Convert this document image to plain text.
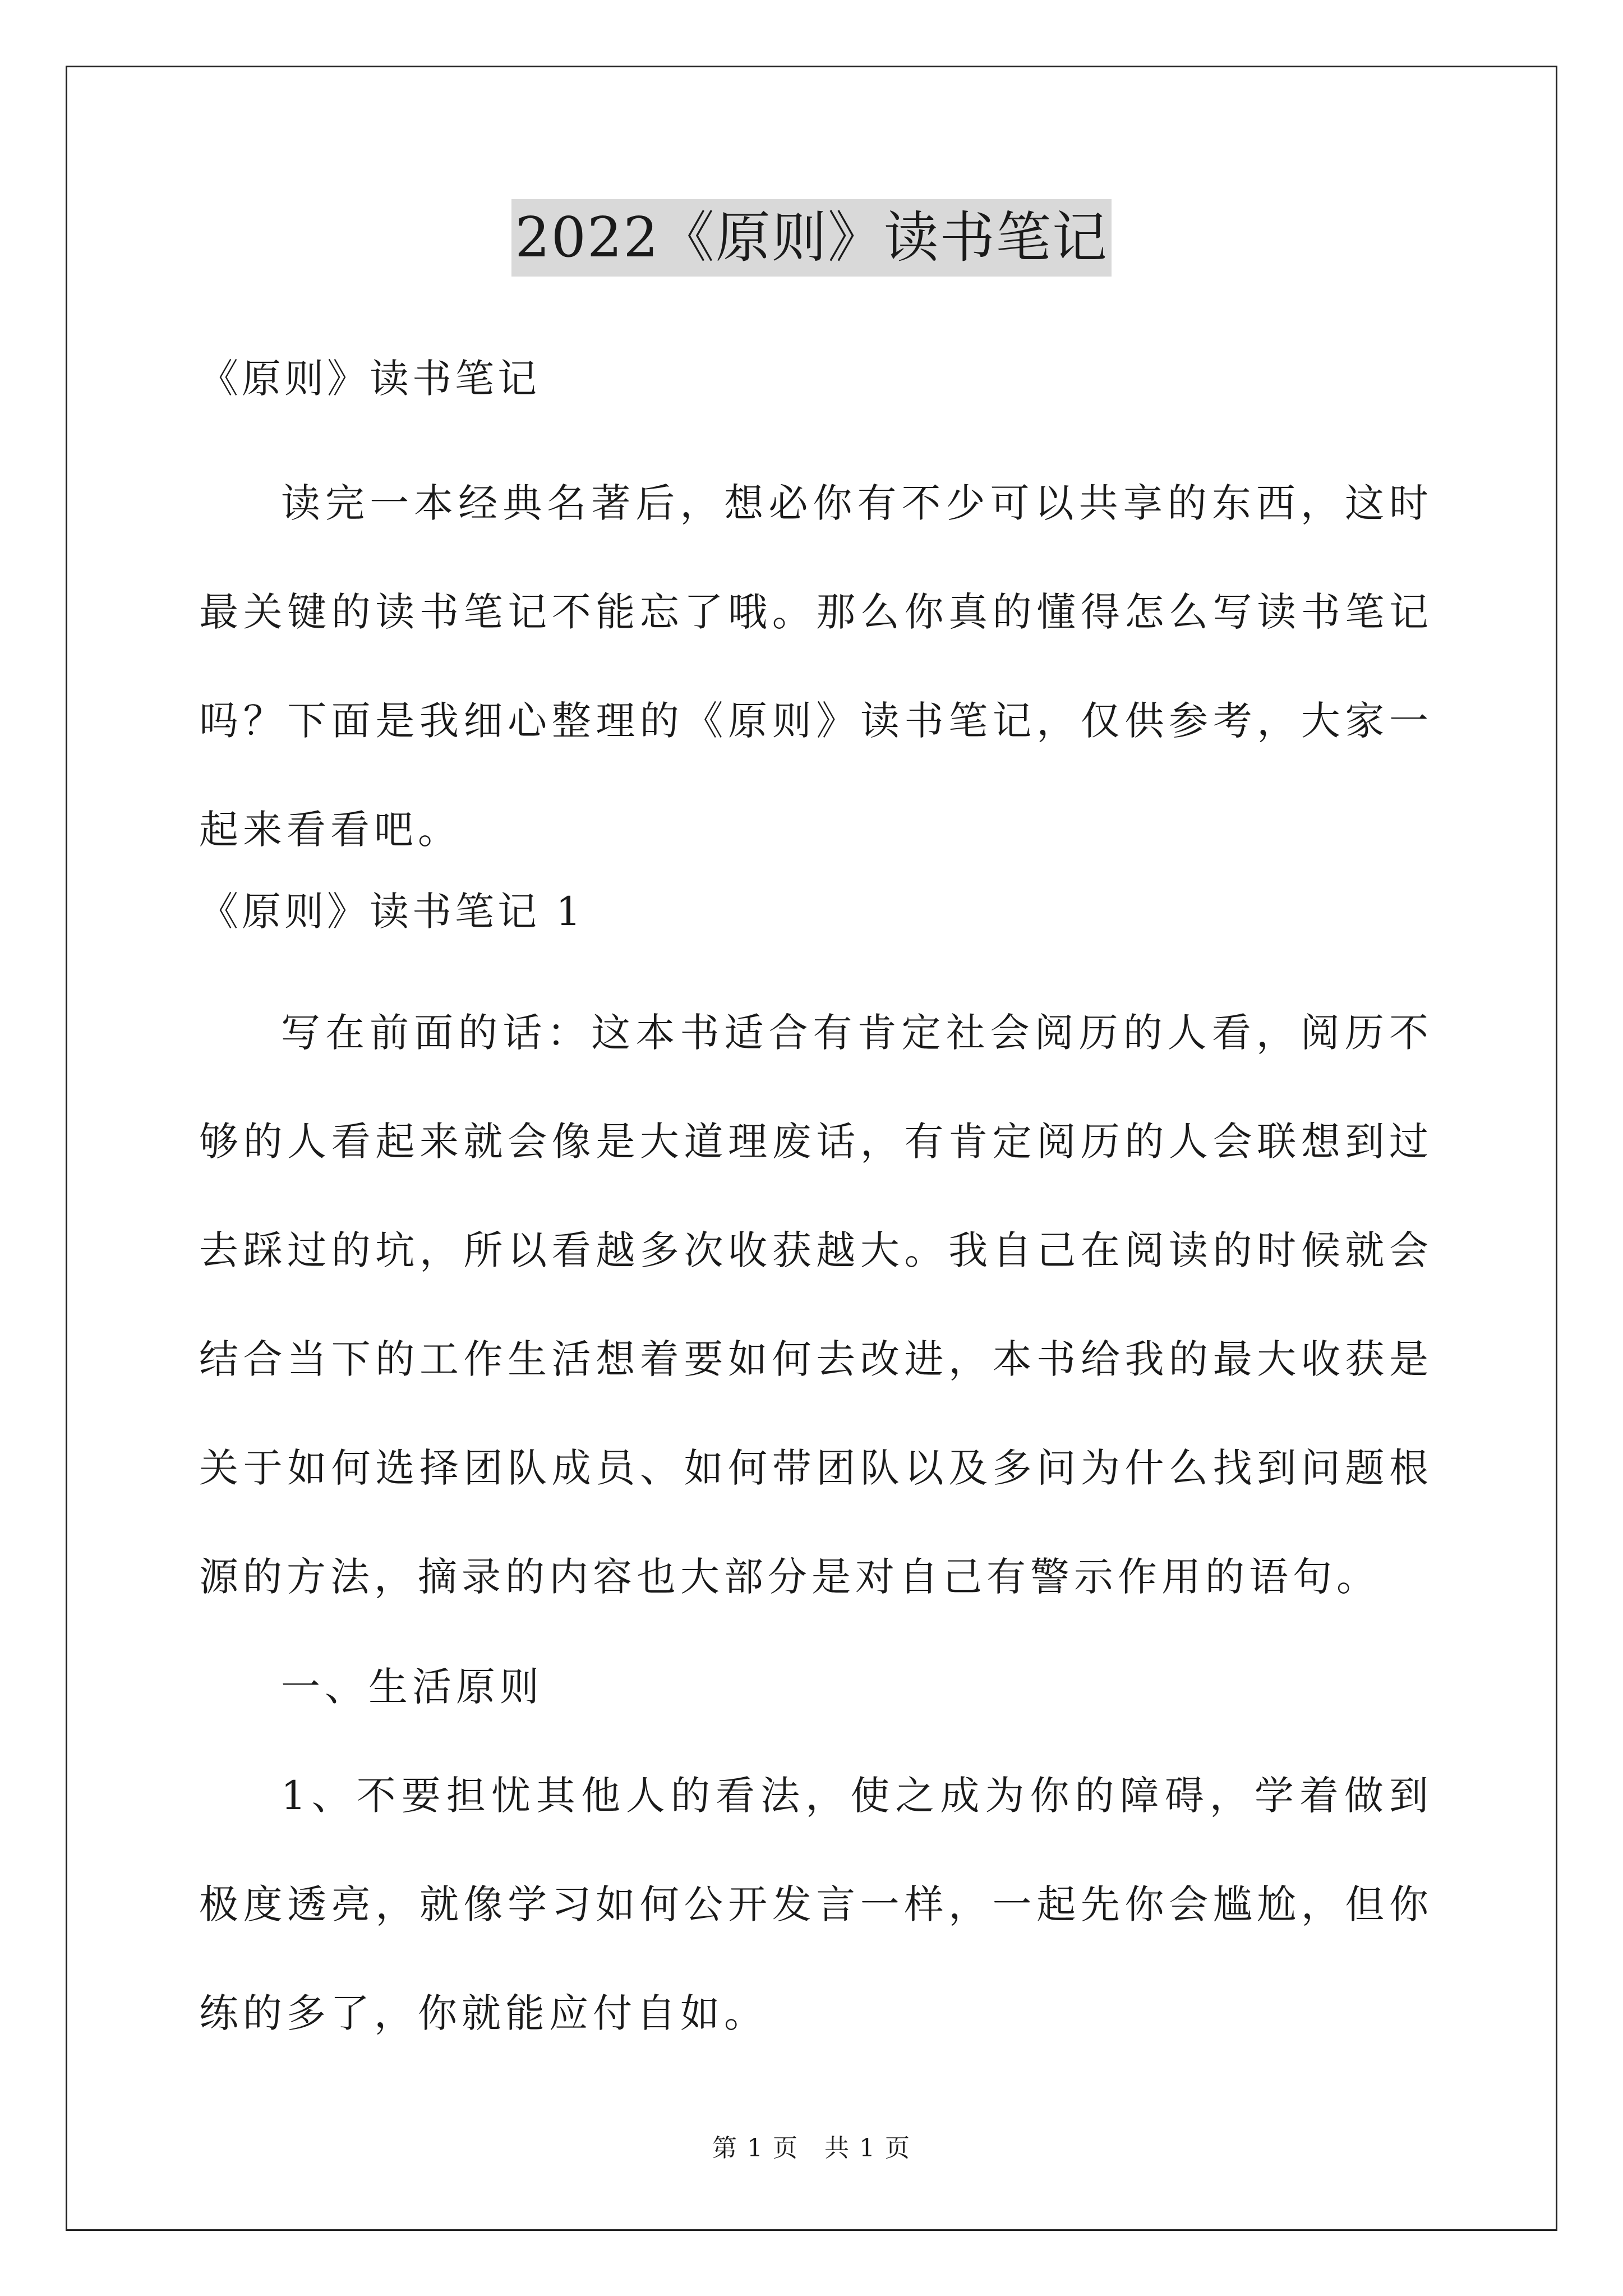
2022《原则》读书笔记
《原则》读书笔记
读完一本经典名著后，想必你有不少可以共享的东西，这时最关键的读书笔记不能忘了哦。那么你真的懂得怎么写读书笔记吗？下面是我细心整理的《原则》读书笔记，仅供参考，大家一起来看看吧。
《原则》读书笔记 1
写在前面的话：这本书适合有肯定社会阅历的人看，阅历不够的人看起来就会像是大道理废话，有肯定阅历的人会联想到过去踩过的坑，所以看越多次收获越大。我自己在阅读的时候就会结合当下的工作生活想着要如何去改进，本书给我的最大收获是关于如何选择团队成员、如何带团队以及多问为什么找到问题根源的方法，摘录的内容也大部分是对自己有警示作用的语句。
一、生活原则
1、不要担忧其他人的看法，使之成为你的障碍，学着做到极度透亮，就像学习如何公开发言一样，一起先你会尴尬，但你练的多了，你就能应付自如。
第 1 页　共 1 页
